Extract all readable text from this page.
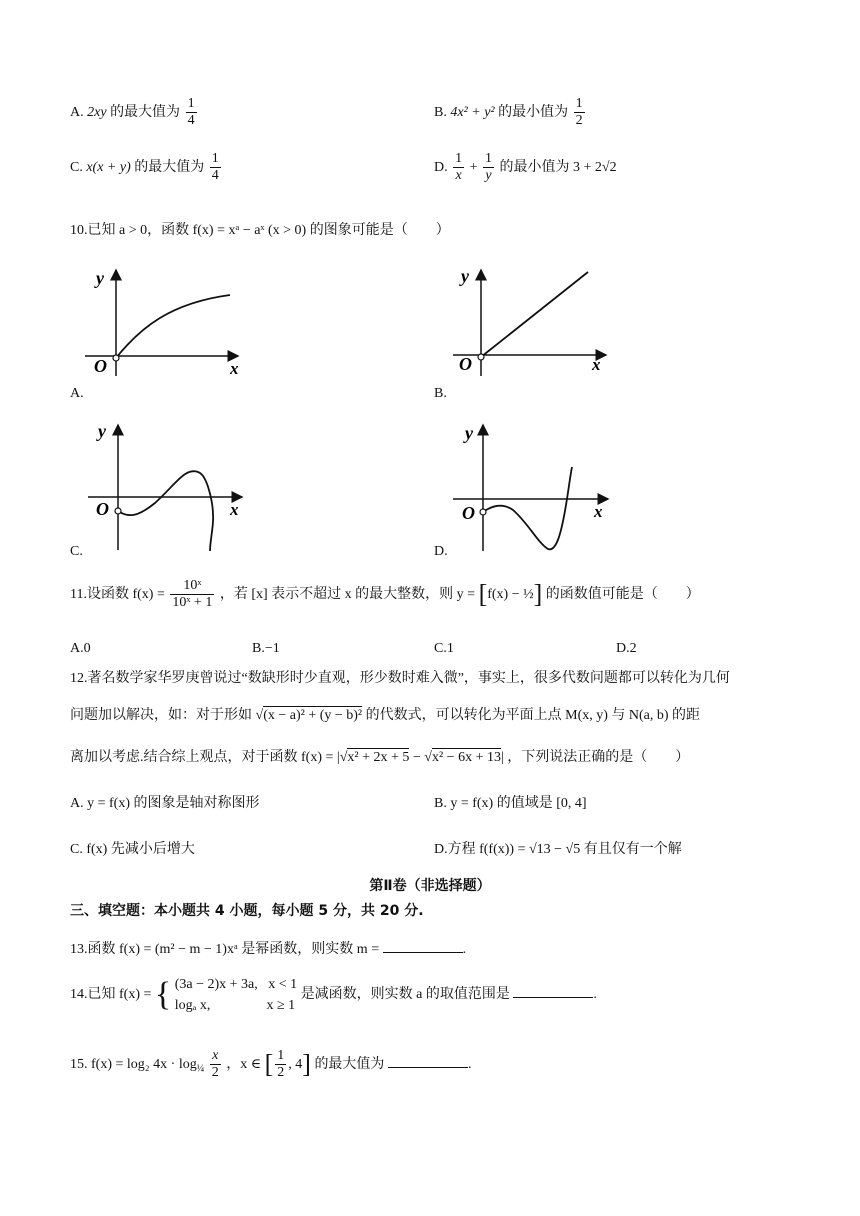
A. 2xy 的最大值为 $\frac{1}{4}$	B. 4x² + y² 的最小值为 $\frac{1}{2}$
C. x(x + y) 的最大值为 $\frac{1}{4}$	D. $\frac{1}{x} + \frac{1}{y}$ 的最小值为 3 + 2√2
10.已知 a > 0，函数 f(x) = xᵃ − aˣ (x > 0) 的图象可能是（　　）
y
x
O
A.
y
x
O
B.
y
x
O
C.
y
x
O
D.
11.设函数 $f(x) = \frac{\text{10ˣ}}{\text{10ˣ + 1}}$ ，若 [x] 表示不超过 x 的最大整数，则 y = [f(x) − ½] 的函数值可能是（　　）
A.0	B.−1	C.1	D.2
12.著名数学家华罗庚曾说过“数缺形时少直观，形少数时难入微”，事实上，很多代数问题都可以转化为几何
问题加以解决，如：对于形如 √(x − a)² + (y − b)² 的代数式，可以转化为平面上点 M(x, y) 与 N(a, b) 的距
离加以考虑.结合综上观点，对于函数 f(x) = |√x² + 2x + 5 − √x² − 6x + 13| ，下列说法正确的是（　　）
A. y = f(x) 的图象是轴对称图形	B. y = f(x) 的值域是 [0, 4]
C. f(x) 先减小后增大	D.方程 f(f(x)) = √13 − √5 有且仅有一个解
第Ⅱ卷（非选择题）
三、填空题：本小题共 4 小题，每小题 5 分，共 20 分.
13.函数 f(x) = (m² − m − 1)xᵃ 是幂函数，则实数 m =	.
14.已知 f(x) = { (3a − 2)x + 3a, x < 1
logₐ x,	x ≥ 1 是减函数，则实数 a 的取值范围是	.
15. f(x) = log₂ $4x \cdot \log_{\frac{1}{4}} \frac{x}{2}$ ，x ∈ [ $\frac{1}{2}$ , 4] 的最大值为	.
